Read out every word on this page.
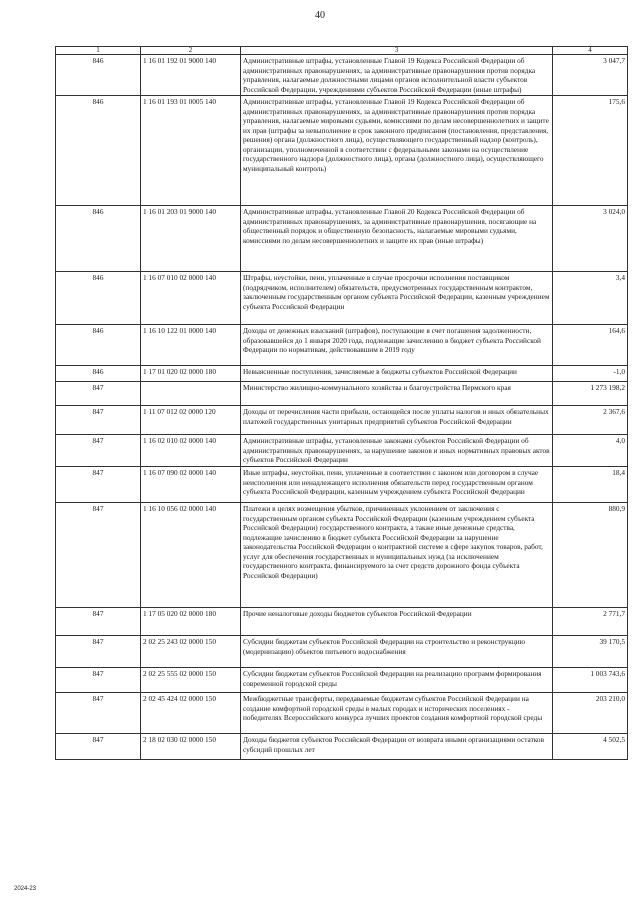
40
1	2	3	4
846	1 16 01 192 01 9000 140	Административные штрафы, установленные Главой 19 Кодекса Российской Федерации об административных правонарушениях, за административные правонарушения против порядка управления, налагаемые должностными лицами органов исполнительной власти субъектов Российской Федерации, учреждениями субъектов Российской Федерации (иные штрафы)	3 047,7
846	1 16 01 193 01 0005 140	Административные штрафы, установленные Главой 19 Кодекса Российской Федерации об административных правонарушениях, за административные правонарушения против порядка управления, налагаемые мировыми судьями, комиссиями по делам несовершеннолетних и защите их прав (штрафы за невыполнение в срок законного предписания (постановления, представления, решения) органа (должностного лица), осуществляющего государственный надзор (контроль), организации, уполномоченной в соответствии с федеральными законами на осуществление государственного надзора (должностного лица), органа (должностного лица), осуществляющего муниципальный контроль)	175,6
846	1 16 01 203 01 9000 140	Административные штрафы, установленные Главой 20 Кодекса Российской Федерации об административных правонарушениях, за административные правонарушения, посягающие на общественный порядок и общественную безопасность, налагаемые мировыми судьями, комиссиями по делам несовершеннолетних и защите их прав (иные штрафы)	3 024,0
846	1 16 07 010 02 0000 140	Штрафы, неустойки, пени, уплаченные в случае просрочки исполнения поставщиком (подрядчиком, исполнителем) обязательств, предусмотренных государственным контрактом, заключенным государственным органом субъекта Российской Федерации, казенным учреждением субъекта Российской Федерации	3,4
846	1 16 10 122 01 0000 140	Доходы от денежных взысканий (штрафов), поступающие в счет погашения задолженности, образовавшейся до 1 января 2020 года, подлежащие зачислению в бюджет субъекта Российской Федерации по нормативам, действовавшим в 2019 году	164,6
846	1 17 01 020 02 0000 180	Невыясненные поступления, зачисляемые в бюджеты субъектов Российской Федерации	-1,0
847		Министерство жилищно-коммунального хозяйства и благоустройства Пермского края	1 273 198,2
847	1 11 07 012 02 0000 120	Доходы от перечисления части прибыли, остающейся после уплаты налогов и иных обязательных платежей государственных унитарных предприятий субъектов Российской Федерации	2 367,6
847	1 16 02 010 02 0000 140	Административные штрафы, установленные законами субъектов Российской Федерации об административных правонарушениях, за нарушение законов и иных нормативных правовых актов субъектов Российской Федерации	4,0
847	1 16 07 090 02 0000 140	Иные штрафы, неустойки, пени, уплаченные в соответствии с законом или договором в случае неисполнения или ненадлежащего исполнения обязательств перед государственным органом субъекта Российской Федерации, казенным учреждением субъекта Российской Федерации	18,4
847	1 16 10 056 02 0000 140	Платежи в целях возмещения убытков, причиненных уклонением от заключения с государственным органом субъекта Российской Федерации (казенным учреждением субъекта Российской Федерации) государственного контракта, а также иные денежные средства, подлежащие зачислению в бюджет субъекта Российской Федерации за нарушение законодательства Российской Федерации о контрактной системе в сфере закупок товаров, работ, услуг для обеспечения государственных и муниципальных нужд (за исключением государственного контракта, финансируемого за счет средств дорожного фонда субъекта Российской Федерации)	880,9
847	1 17 05 020 02 0000 180	Прочие неналоговые доходы бюджетов субъектов Российской Федерации	2 771,7
847	2 02 25 243 02 0000 150	Субсидии бюджетам субъектов Российской Федерации на строительство и реконструкцию (модернизацию) объектов питьевого водоснабжения	39 170,5
847	2 02 25 555 02 0000 150	Субсидии бюджетам субъектов Российской Федерации на реализацию программ формирования современной городской среды	1 003 743,6
847	2 02 45 424 02 0000 150	Межбюджетные трансферты, передаваемые бюджетам субъектов Российской Федерации на создание комфортной городской среды в малых городах и исторических поселениях - победителях Всероссийского конкурса лучших проектов создания комфортной городской среды	203 210,0
847	2 18 02 030 02 0000 150	Доходы бюджетов субъектов Российской Федерации от возврата иными организациями остатков субсидий прошлых лет	4 502,5
2024-23
